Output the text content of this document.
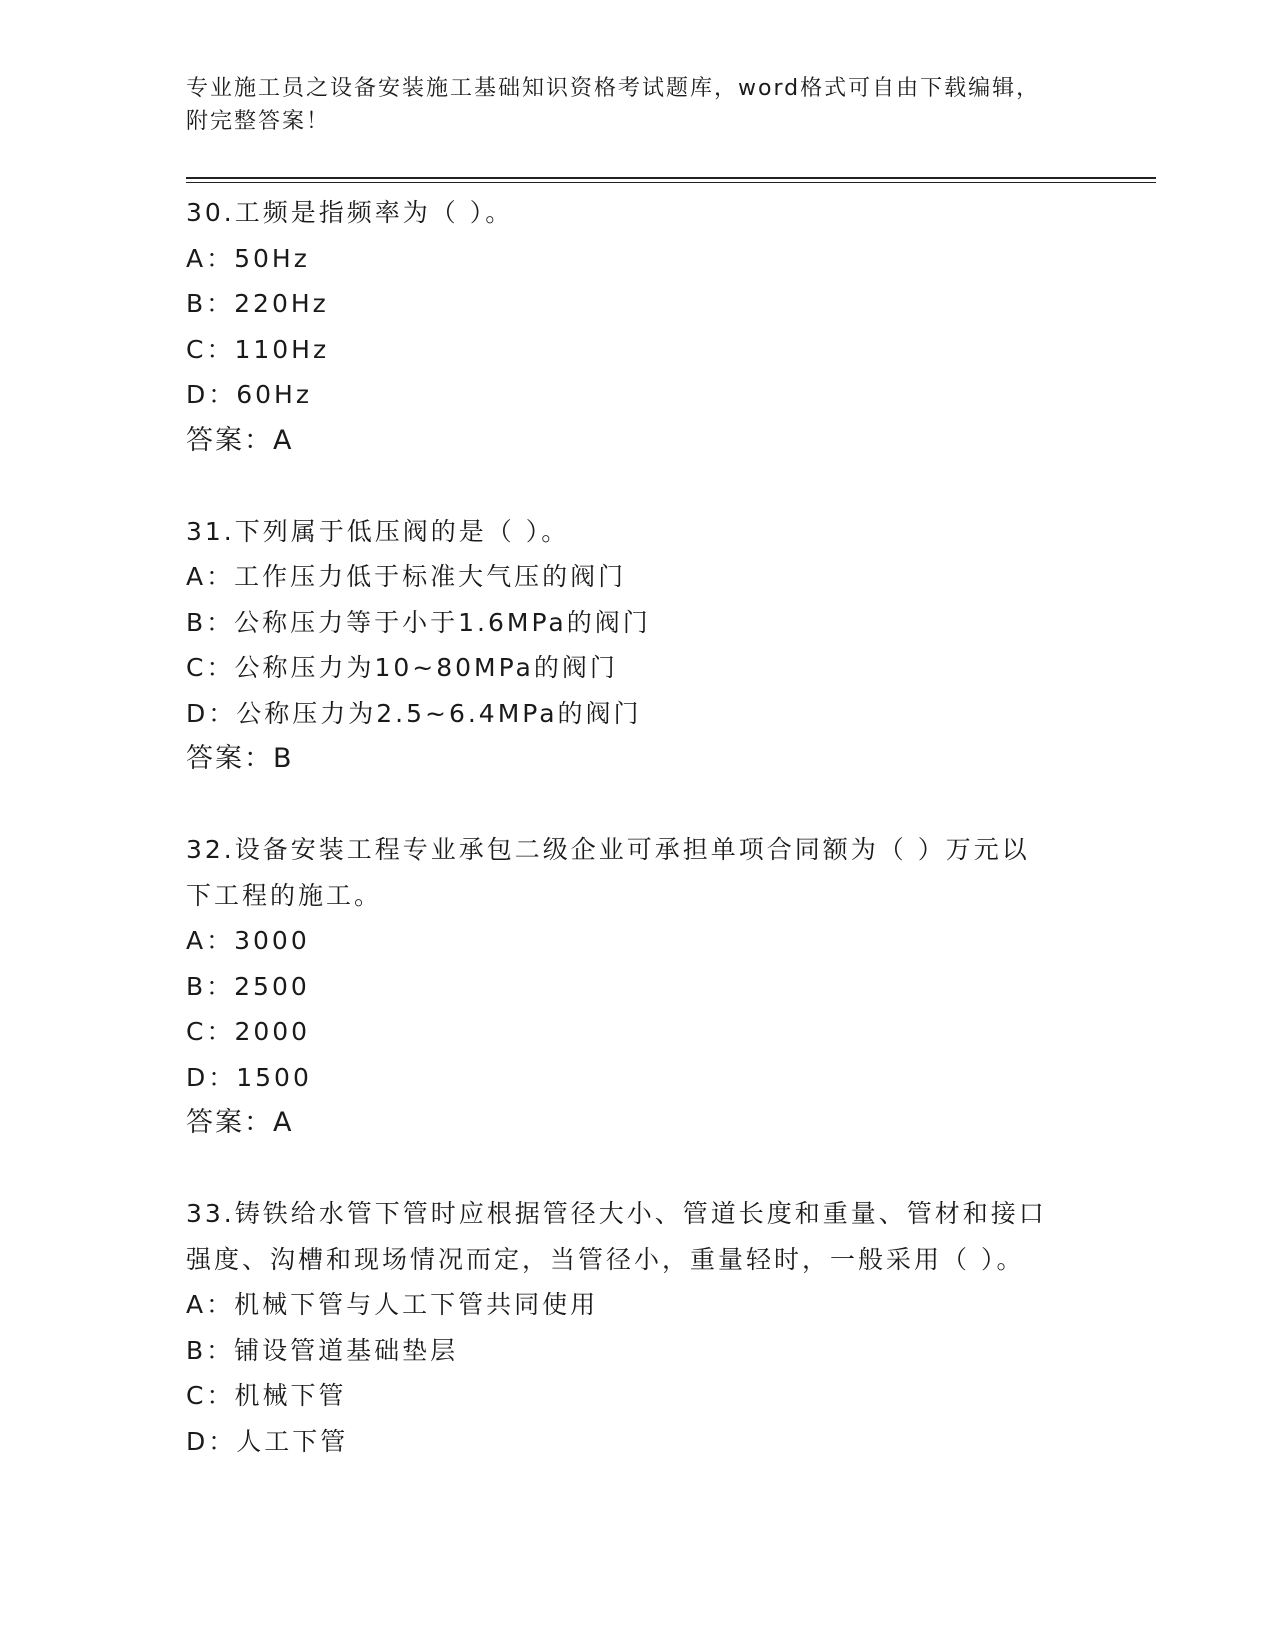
专业施工员之设备安装施工基础知识资格考试题库，word格式可自由下载编辑，
附完整答案！
30.工频是指频率为（ ）。
A：50Hz
B：220Hz
C：110Hz
D：60Hz
答案：A
31.下列属于低压阀的是（ ）。
A：工作压力低于标准大气压的阀门
B：公称压力等于小于1.6MPa的阀门
C：公称压力为10~80MPa的阀门
D：公称压力为2.5~6.4MPa的阀门
答案：B
32.设备安装工程专业承包二级企业可承担单项合同额为（ ）万元以
下工程的施工。
A：3000
B：2500
C：2000
D：1500
答案：A
33.铸铁给水管下管时应根据管径大小、管道长度和重量、管材和接口
强度、沟槽和现场情况而定，当管径小，重量轻时，一般采用（ ）。
A：机械下管与人工下管共同使用
B：铺设管道基础垫层
C：机械下管
D：人工下管
